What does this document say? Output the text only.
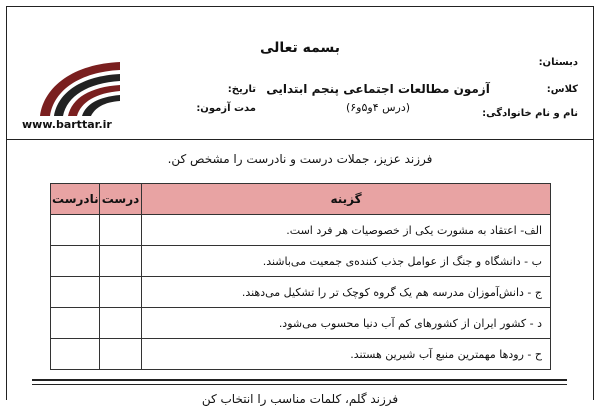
بسمه تعالی
دبستان:
کلاس:
نام و نام خانوادگی:
آزمون مطالعات اجتماعی پنجم ابتدایی
(درس ۴و۵و۶)
تاریخ:
مدت آزمون:
www.barttar.ir
فرزند عزیز، جملات درست و نادرست را مشخص کن.
نادرست	درست	گزینه
		الف- اعتقاد به مشورت یکی از خصوصیات هر فرد است.
		ب - دانشگاه و جنگ از عوامل جذب کننده‌ی جمعیت می‌باشند.
		ج - دانش‌آموزان مدرسه هم یک گروه کوچک تر را تشکیل می‌دهند.
		د - کشور ایران از کشورهای کم آب دنیا محسوب می‌شود.
		ح - رودها مهمترین منبع آب شیرین هستند.
فرزند گلم، کلمات مناسب را انتخاب کن
